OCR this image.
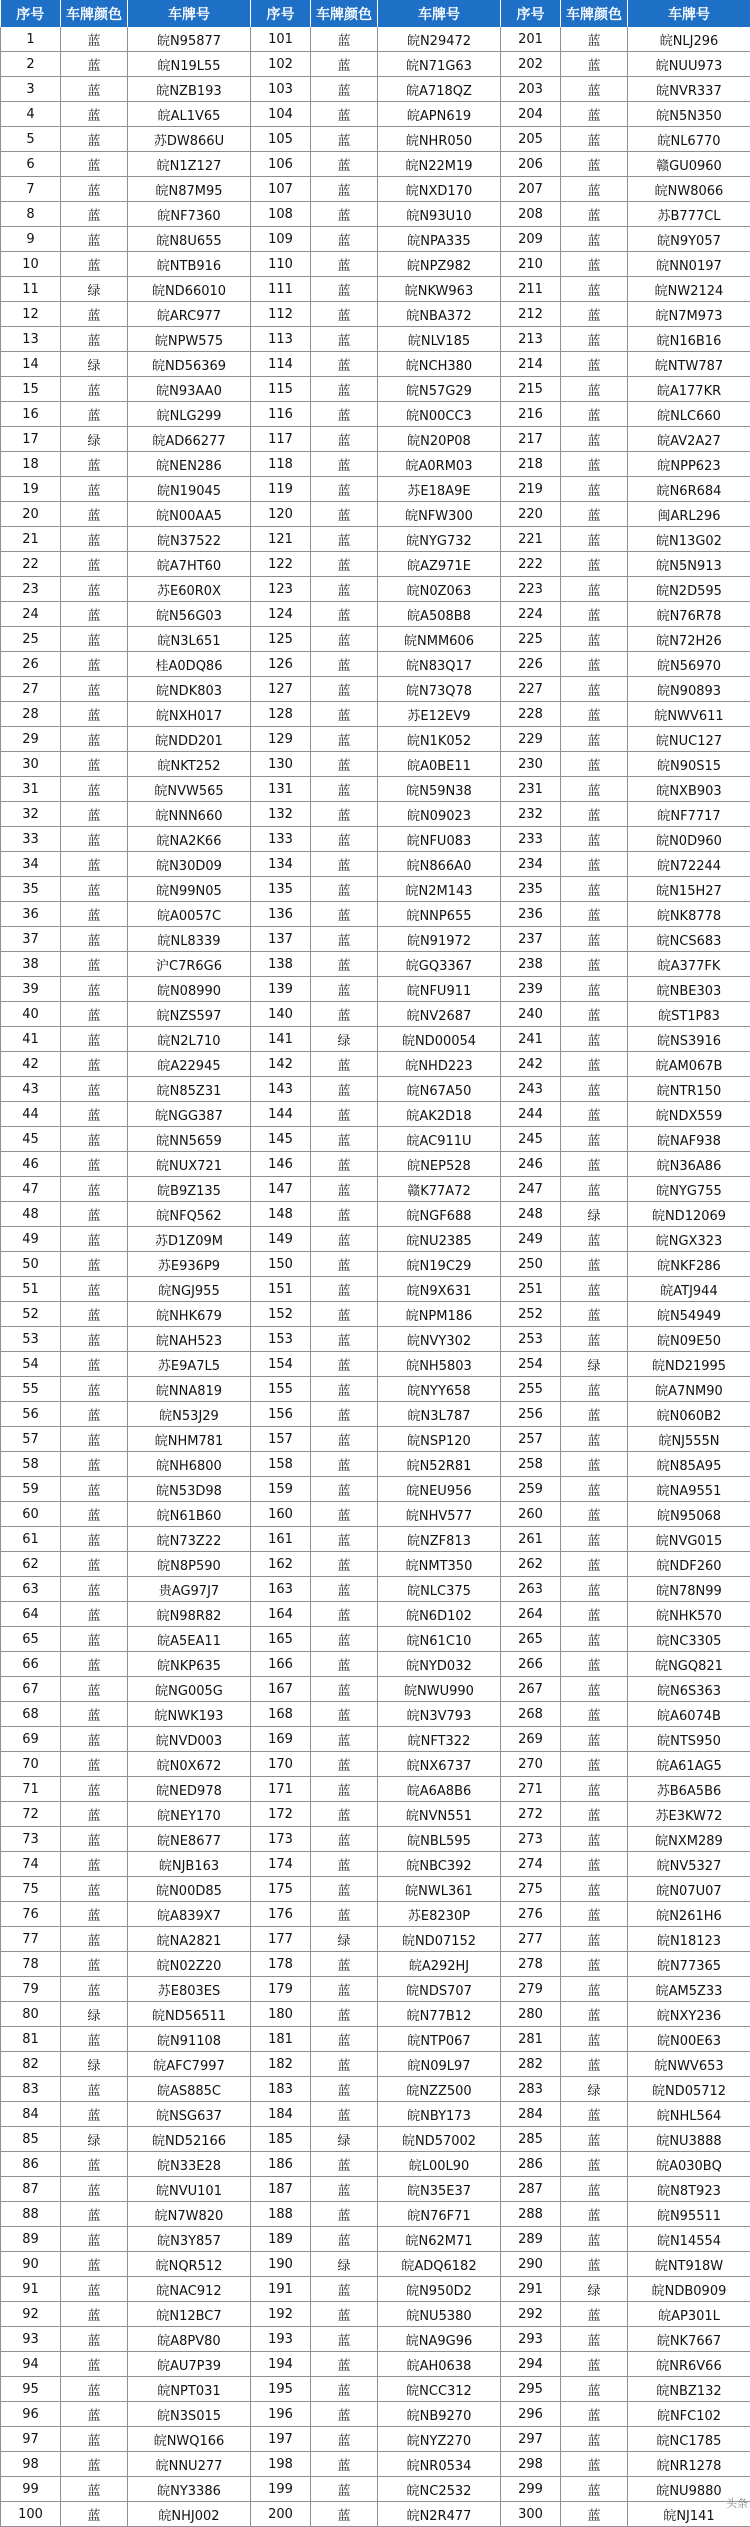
序号	车牌颜色	车牌号	序号	车牌颜色	车牌号	序号	车牌颜色	车牌号
1	蓝	皖N95877	101	蓝	皖N29472	201	蓝	皖NLJ296
2	蓝	皖N19L55	102	蓝	皖N71G63	202	蓝	皖NUU973
3	蓝	皖NZB193	103	蓝	皖A718QZ	203	蓝	皖NVR337
4	蓝	皖AL1V65	104	蓝	皖APN619	204	蓝	皖N5N350
5	蓝	苏DW866U	105	蓝	皖NHR050	205	蓝	皖NL6770
6	蓝	皖N1Z127	106	蓝	皖N22M19	206	蓝	赣GU0960
7	蓝	皖N87M95	107	蓝	皖NXD170	207	蓝	皖NW8066
8	蓝	皖NF7360	108	蓝	皖N93U10	208	蓝	苏B777CL
9	蓝	皖N8U655	109	蓝	皖NPA335	209	蓝	皖N9Y057
10	蓝	皖NTB916	110	蓝	皖NPZ982	210	蓝	皖NN0197
11	绿	皖ND66010	111	蓝	皖NKW963	211	蓝	皖NW2124
12	蓝	皖ARC977	112	蓝	皖NBA372	212	蓝	皖N7M973
13	蓝	皖NPW575	113	蓝	皖NLV185	213	蓝	皖N16B16
14	绿	皖ND56369	114	蓝	皖NCH380	214	蓝	皖NTW787
15	蓝	皖N93AA0	115	蓝	皖N57G29	215	蓝	皖A177KR
16	蓝	皖NLG299	116	蓝	皖N00CC3	216	蓝	皖NLC660
17	绿	皖AD66277	117	蓝	皖N20P08	217	蓝	皖AV2A27
18	蓝	皖NEN286	118	蓝	皖A0RM03	218	蓝	皖NPP623
19	蓝	皖N19045	119	蓝	苏E18A9E	219	蓝	皖N6R684
20	蓝	皖N00AA5	120	蓝	皖NFW300	220	蓝	闽ARL296
21	蓝	皖N37522	121	蓝	皖NYG732	221	蓝	皖N13G02
22	蓝	皖A7HT60	122	蓝	皖AZ971E	222	蓝	皖N5N913
23	蓝	苏E60R0X	123	蓝	皖N0Z063	223	蓝	皖N2D595
24	蓝	皖N56G03	124	蓝	皖A508B8	224	蓝	皖N76R78
25	蓝	皖N3L651	125	蓝	皖NMM606	225	蓝	皖N72H26
26	蓝	桂A0DQ86	126	蓝	皖N83Q17	226	蓝	皖N56970
27	蓝	皖NDK803	127	蓝	皖N73Q78	227	蓝	皖N90893
28	蓝	皖NXH017	128	蓝	苏E12EV9	228	蓝	皖NWV611
29	蓝	皖NDD201	129	蓝	皖N1K052	229	蓝	皖NUC127
30	蓝	皖NKT252	130	蓝	皖A0BE11	230	蓝	皖N90S15
31	蓝	皖NVW565	131	蓝	皖N59N38	231	蓝	皖NXB903
32	蓝	皖NNN660	132	蓝	皖N09023	232	蓝	皖NF7717
33	蓝	皖NA2K66	133	蓝	皖NFU083	233	蓝	皖N0D960
34	蓝	皖N30D09	134	蓝	皖N866A0	234	蓝	皖N72244
35	蓝	皖N99N05	135	蓝	皖N2M143	235	蓝	皖N15H27
36	蓝	皖A0057C	136	蓝	皖NNP655	236	蓝	皖NK8778
37	蓝	皖NL8339	137	蓝	皖N91972	237	蓝	皖NCS683
38	蓝	沪C7R6G6	138	蓝	皖GQ3367	238	蓝	皖A377FK
39	蓝	皖N08990	139	蓝	皖NFU911	239	蓝	皖NBE303
40	蓝	皖NZS597	140	蓝	皖NV2687	240	蓝	皖ST1P83
41	蓝	皖N2L710	141	绿	皖ND00054	241	蓝	皖NS3916
42	蓝	皖A22945	142	蓝	皖NHD223	242	蓝	皖AM067B
43	蓝	皖N85Z31	143	蓝	皖N67A50	243	蓝	皖NTR150
44	蓝	皖NGG387	144	蓝	皖AK2D18	244	蓝	皖NDX559
45	蓝	皖NN5659	145	蓝	皖AC911U	245	蓝	皖NAF938
46	蓝	皖NUX721	146	蓝	皖NEP528	246	蓝	皖N36A86
47	蓝	皖B9Z135	147	蓝	赣K77A72	247	蓝	皖NYG755
48	蓝	皖NFQ562	148	蓝	皖NGF688	248	绿	皖ND12069
49	蓝	苏D1Z09M	149	蓝	皖NU2385	249	蓝	皖NGX323
50	蓝	苏E936P9	150	蓝	皖N19C29	250	蓝	皖NKF286
51	蓝	皖NGJ955	151	蓝	皖N9X631	251	蓝	皖ATJ944
52	蓝	皖NHK679	152	蓝	皖NPM186	252	蓝	皖N54949
53	蓝	皖NAH523	153	蓝	皖NVY302	253	蓝	皖N09E50
54	蓝	苏E9A7L5	154	蓝	皖NH5803	254	绿	皖ND21995
55	蓝	皖NNA819	155	蓝	皖NYY658	255	蓝	皖A7NM90
56	蓝	皖N53J29	156	蓝	皖N3L787	256	蓝	皖N060B2
57	蓝	皖NHM781	157	蓝	皖NSP120	257	蓝	皖NJ555N
58	蓝	皖NH6800	158	蓝	皖N52R81	258	蓝	皖N85A95
59	蓝	皖N53D98	159	蓝	皖NEU956	259	蓝	皖NA9551
60	蓝	皖N61B60	160	蓝	皖NHV577	260	蓝	皖N95068
61	蓝	皖N73Z22	161	蓝	皖NZF813	261	蓝	皖NVG015
62	蓝	皖N8P590	162	蓝	皖NMT350	262	蓝	皖NDF260
63	蓝	贵AG97J7	163	蓝	皖NLC375	263	蓝	皖N78N99
64	蓝	皖N98R82	164	蓝	皖N6D102	264	蓝	皖NHK570
65	蓝	皖A5EA11	165	蓝	皖N61C10	265	蓝	皖NC3305
66	蓝	皖NKP635	166	蓝	皖NYD032	266	蓝	皖NGQ821
67	蓝	皖NG005G	167	蓝	皖NWU990	267	蓝	皖N6S363
68	蓝	皖NWK193	168	蓝	皖N3V793	268	蓝	皖A6074B
69	蓝	皖NVD003	169	蓝	皖NFT322	269	蓝	皖NTS950
70	蓝	皖N0X672	170	蓝	皖NX6737	270	蓝	皖A61AG5
71	蓝	皖NED978	171	蓝	皖A6A8B6	271	蓝	苏B6A5B6
72	蓝	皖NEY170	172	蓝	皖NVN551	272	蓝	苏E3KW72
73	蓝	皖NE8677	173	蓝	皖NBL595	273	蓝	皖NXM289
74	蓝	皖NJB163	174	蓝	皖NBC392	274	蓝	皖NV5327
75	蓝	皖N00D85	175	蓝	皖NWL361	275	蓝	皖N07U07
76	蓝	皖A839X7	176	蓝	苏E8230P	276	蓝	皖N261H6
77	蓝	皖NA2821	177	绿	皖ND07152	277	蓝	皖N18123
78	蓝	皖N02Z20	178	蓝	皖A292HJ	278	蓝	皖N77365
79	蓝	苏E803ES	179	蓝	皖NDS707	279	蓝	皖AM5Z33
80	绿	皖ND56511	180	蓝	皖N77B12	280	蓝	皖NXY236
81	蓝	皖N91108	181	蓝	皖NTP067	281	蓝	皖N00E63
82	绿	皖AFC7997	182	蓝	皖N09L97	282	蓝	皖NWV653
83	蓝	皖AS885C	183	蓝	皖NZZ500	283	绿	皖ND05712
84	蓝	皖NSG637	184	蓝	皖NBY173	284	蓝	皖NHL564
85	绿	皖ND52166	185	绿	皖ND57002	285	蓝	皖NU3888
86	蓝	皖N33E28	186	蓝	皖L00L90	286	蓝	皖A030BQ
87	蓝	皖NVU101	187	蓝	皖N35E37	287	蓝	皖N8T923
88	蓝	皖N7W820	188	蓝	皖N76F71	288	蓝	皖N95511
89	蓝	皖N3Y857	189	蓝	皖N62M71	289	蓝	皖N14554
90	蓝	皖NQR512	190	绿	皖ADQ6182	290	蓝	皖NT918W
91	蓝	皖NAC912	191	蓝	皖N950D2	291	绿	皖NDB0909
92	蓝	皖N12BC7	192	蓝	皖NU5380	292	蓝	皖AP301L
93	蓝	皖A8PV80	193	蓝	皖NA9G96	293	蓝	皖NK7667
94	蓝	皖AU7P39	194	蓝	皖AH0638	294	蓝	皖NR6V66
95	蓝	皖NPT031	195	蓝	皖NCC312	295	蓝	皖NBZ132
96	蓝	皖N3S015	196	蓝	皖NB9270	296	蓝	皖NFC102
97	蓝	皖NWQ166	197	蓝	皖NYZ270	297	蓝	皖NC1785
98	蓝	皖NNU277	198	蓝	皖NR0534	298	蓝	皖NR1278
99	蓝	皖NY3386	199	蓝	皖NC2532	299	蓝	皖NU9880
100	蓝	皖NHJ002	200	蓝	皖N2R477	300	蓝	皖NJ141
头条
